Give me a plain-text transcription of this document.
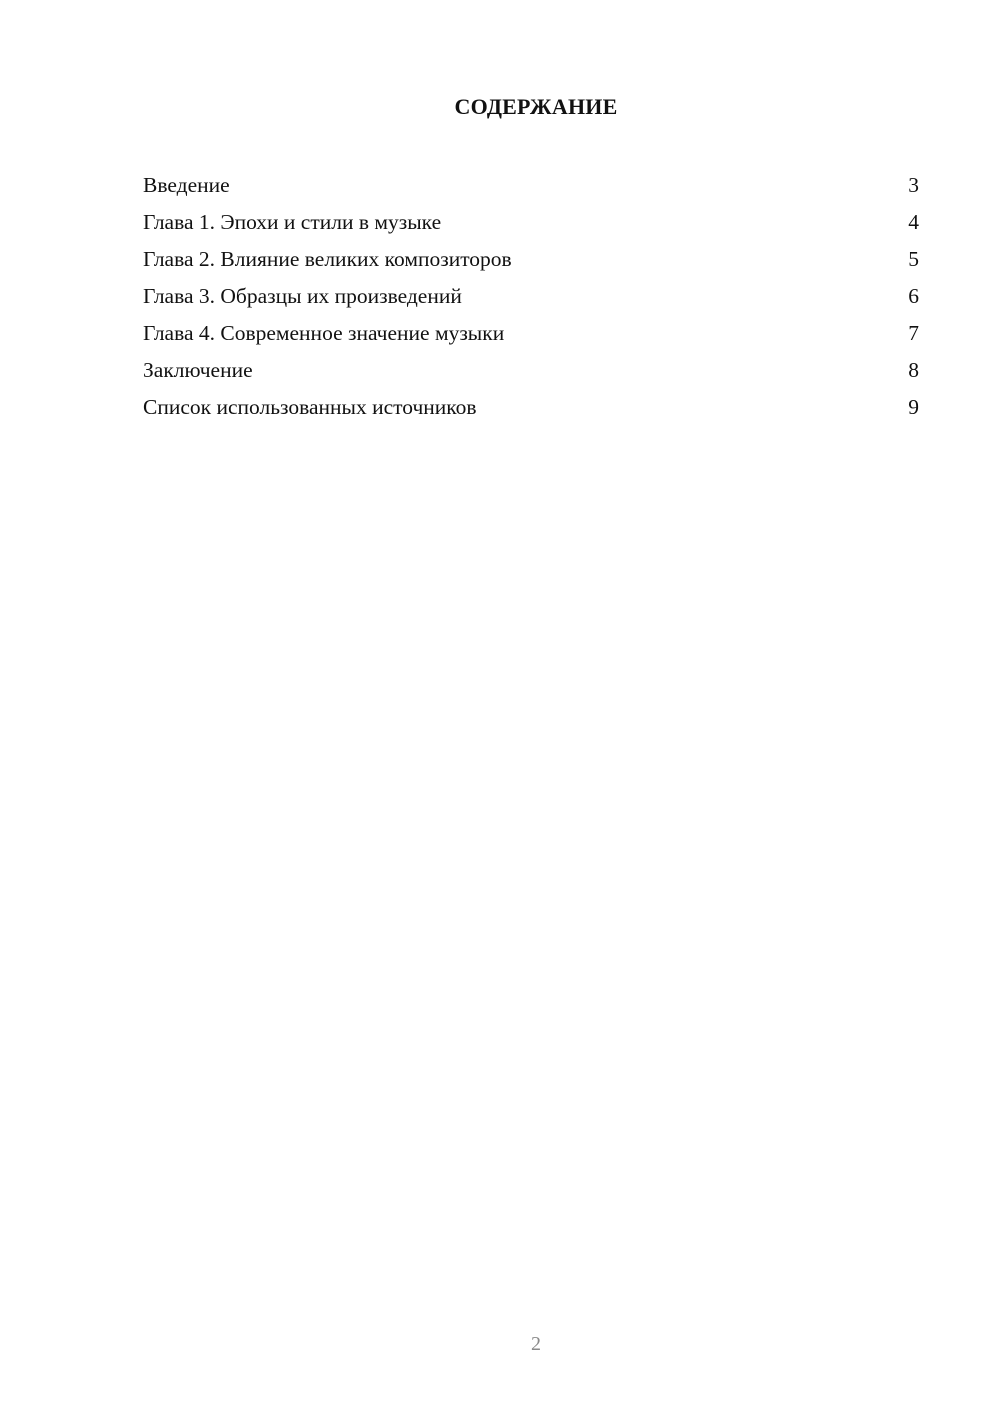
СОДЕРЖАНИЕ
Введение	3
Глава 1. Эпохи и стили в музыке	4
Глава 2. Влияние великих композиторов	5
Глава 3. Образцы их произведений	6
Глава 4. Современное значение музыки	7
Заключение	8
Список использованных источников	9
2
